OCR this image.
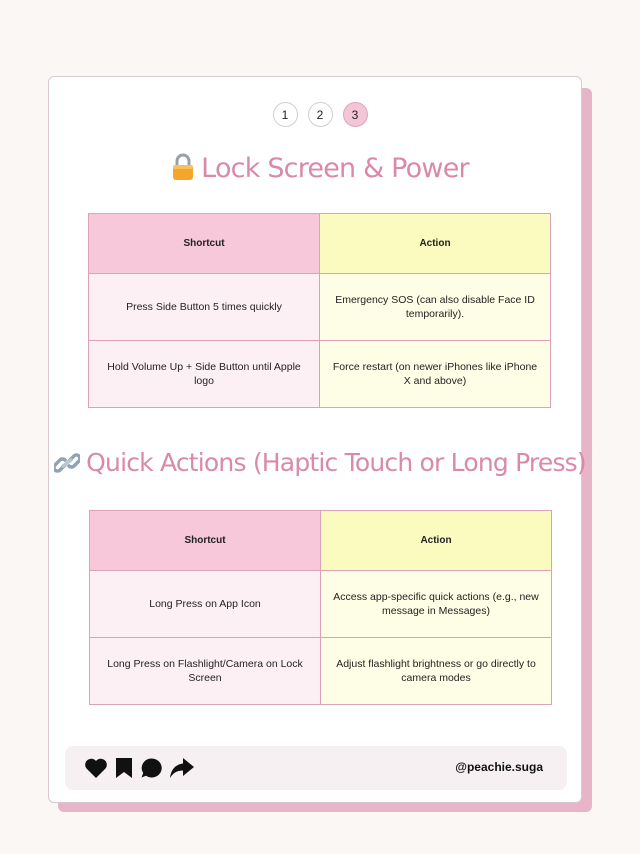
1	2	3
Lock Screen & Power
Shortcut	Action
Press Side Button 5 times quickly	Emergency SOS (can also disable Face ID temporarily).
Hold Volume Up + Side Button until Apple logo	Force restart (on newer iPhones like iPhone X and above)
Quick Actions (Haptic Touch or Long Press)
Shortcut	Action
Long Press on App Icon	Access app-specific quick actions (e.g., new message in Messages)
Long Press on Flashlight/Camera on Lock Screen	Adjust flashlight brightness or go directly to camera modes
@peachie.suga
